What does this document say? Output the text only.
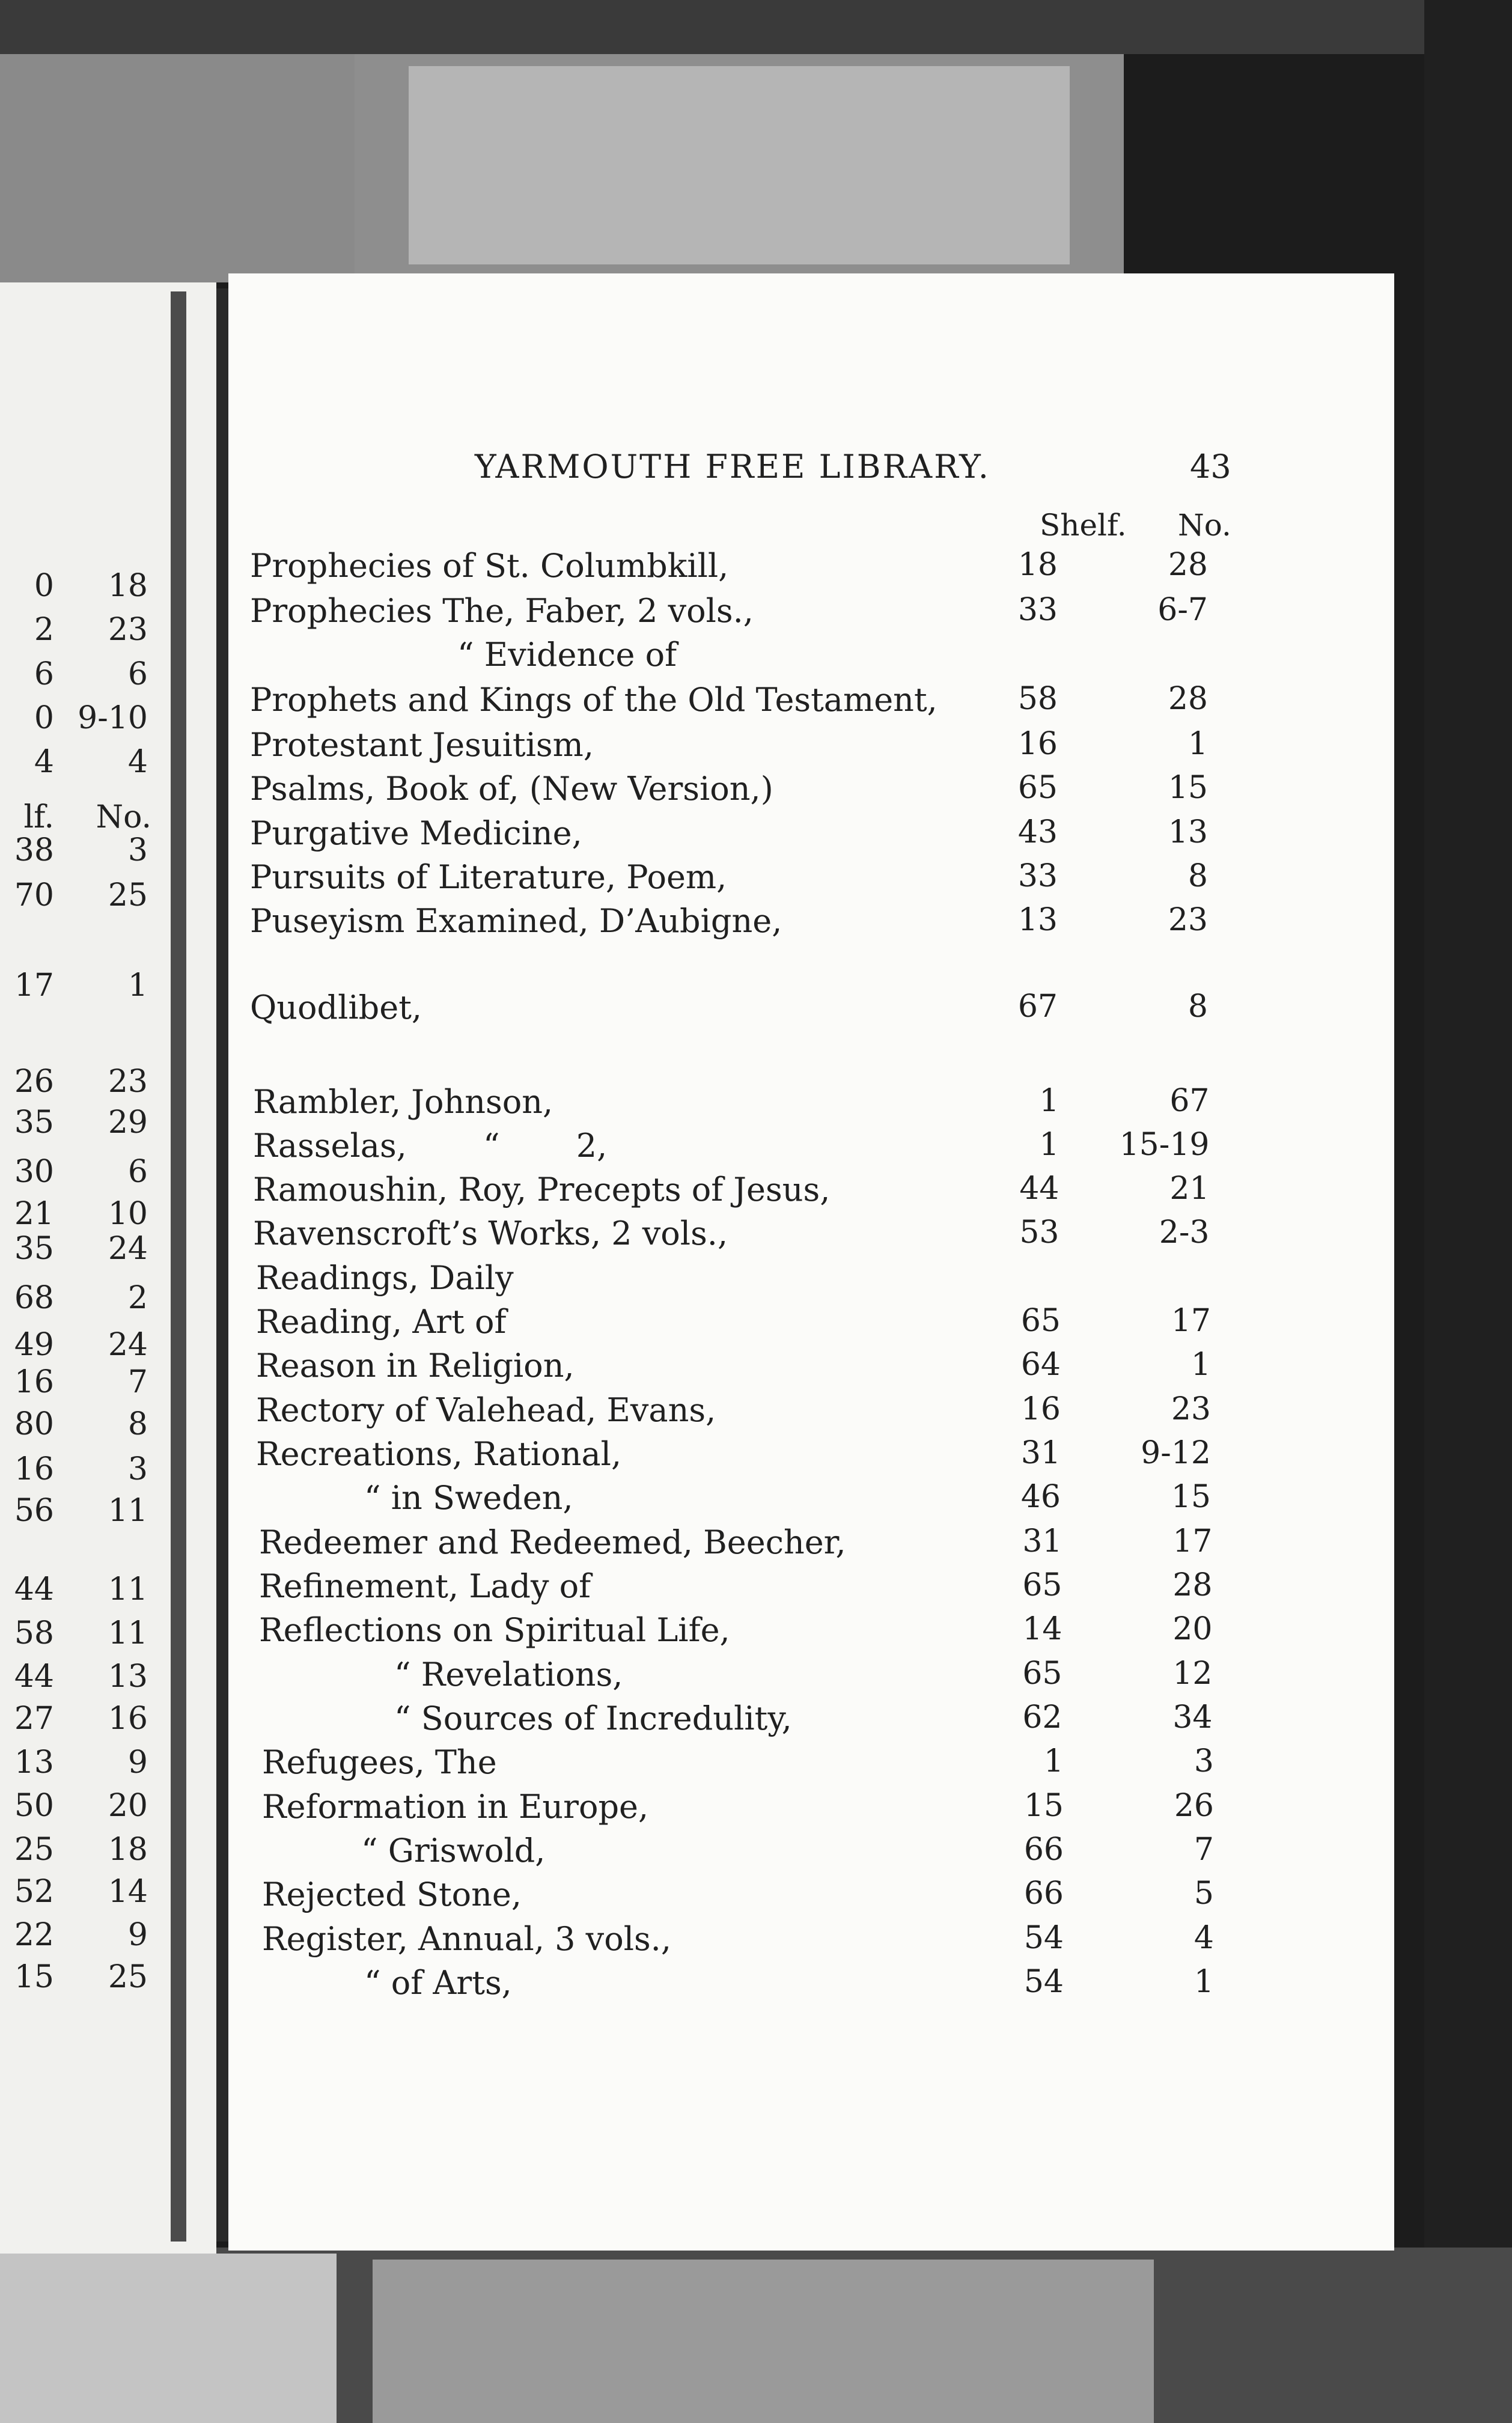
lf. No.
0 18
2 23
6 6
0 9-10
4 4
38 3
70 25
17 1
26 23
35 29
30 6
21 10
35 24
68 2
49 24
16 7
80 8
16 3
56 11
44 11
58 11
44 13
27 16
13 9
50 20
25 18
52 14
22 9
15 25
YARMOUTH FREE LIBRARY.	43
Shelf. No.
Prophecies of St. Columbkill,	18	28
Prophecies The, Faber, 2 vols.,	33	6-7
“ Evidence of
Prophets and Kings of the Old Testament,	58	28
Protestant Jesuitism,	16	1
Psalms, Book of, (New Version,)	65	15
Purgative Medicine,	43	13
Pursuits of Literature, Poem,	33	8
Puseyism Examined, D’Aubigne,	13	23
Quodlibet,	67	8
Rambler, Johnson,	1	67
Rasselas, “ 2,	1 15-19
Ramoushin, Roy, Precepts of Jesus,	44	21
Ravenscroft’s Works, 2 vols.,	53	2-3
Readings, Daily
Reading, Art of	65	17
Reason in Religion,	64	1
Rectory of Valehead, Evans,	16	23
Recreations, Rational,	31	9-12
“ in Sweden,	46	15
Redeemer and Redeemed, Beecher,	31	17
Refinement, Lady of	65	28
Reflections on Spiritual Life,	14	20
“ Revelations,	65	12
“ Sources of Incredulity,	62	34
Refugees, The	1	3
Reformation in Europe,	15	26
“ Griswold,	66	7
Rejected Stone,	66	5
Register, Annual, 3 vols.,	54	4
“ of Arts,	54	1
